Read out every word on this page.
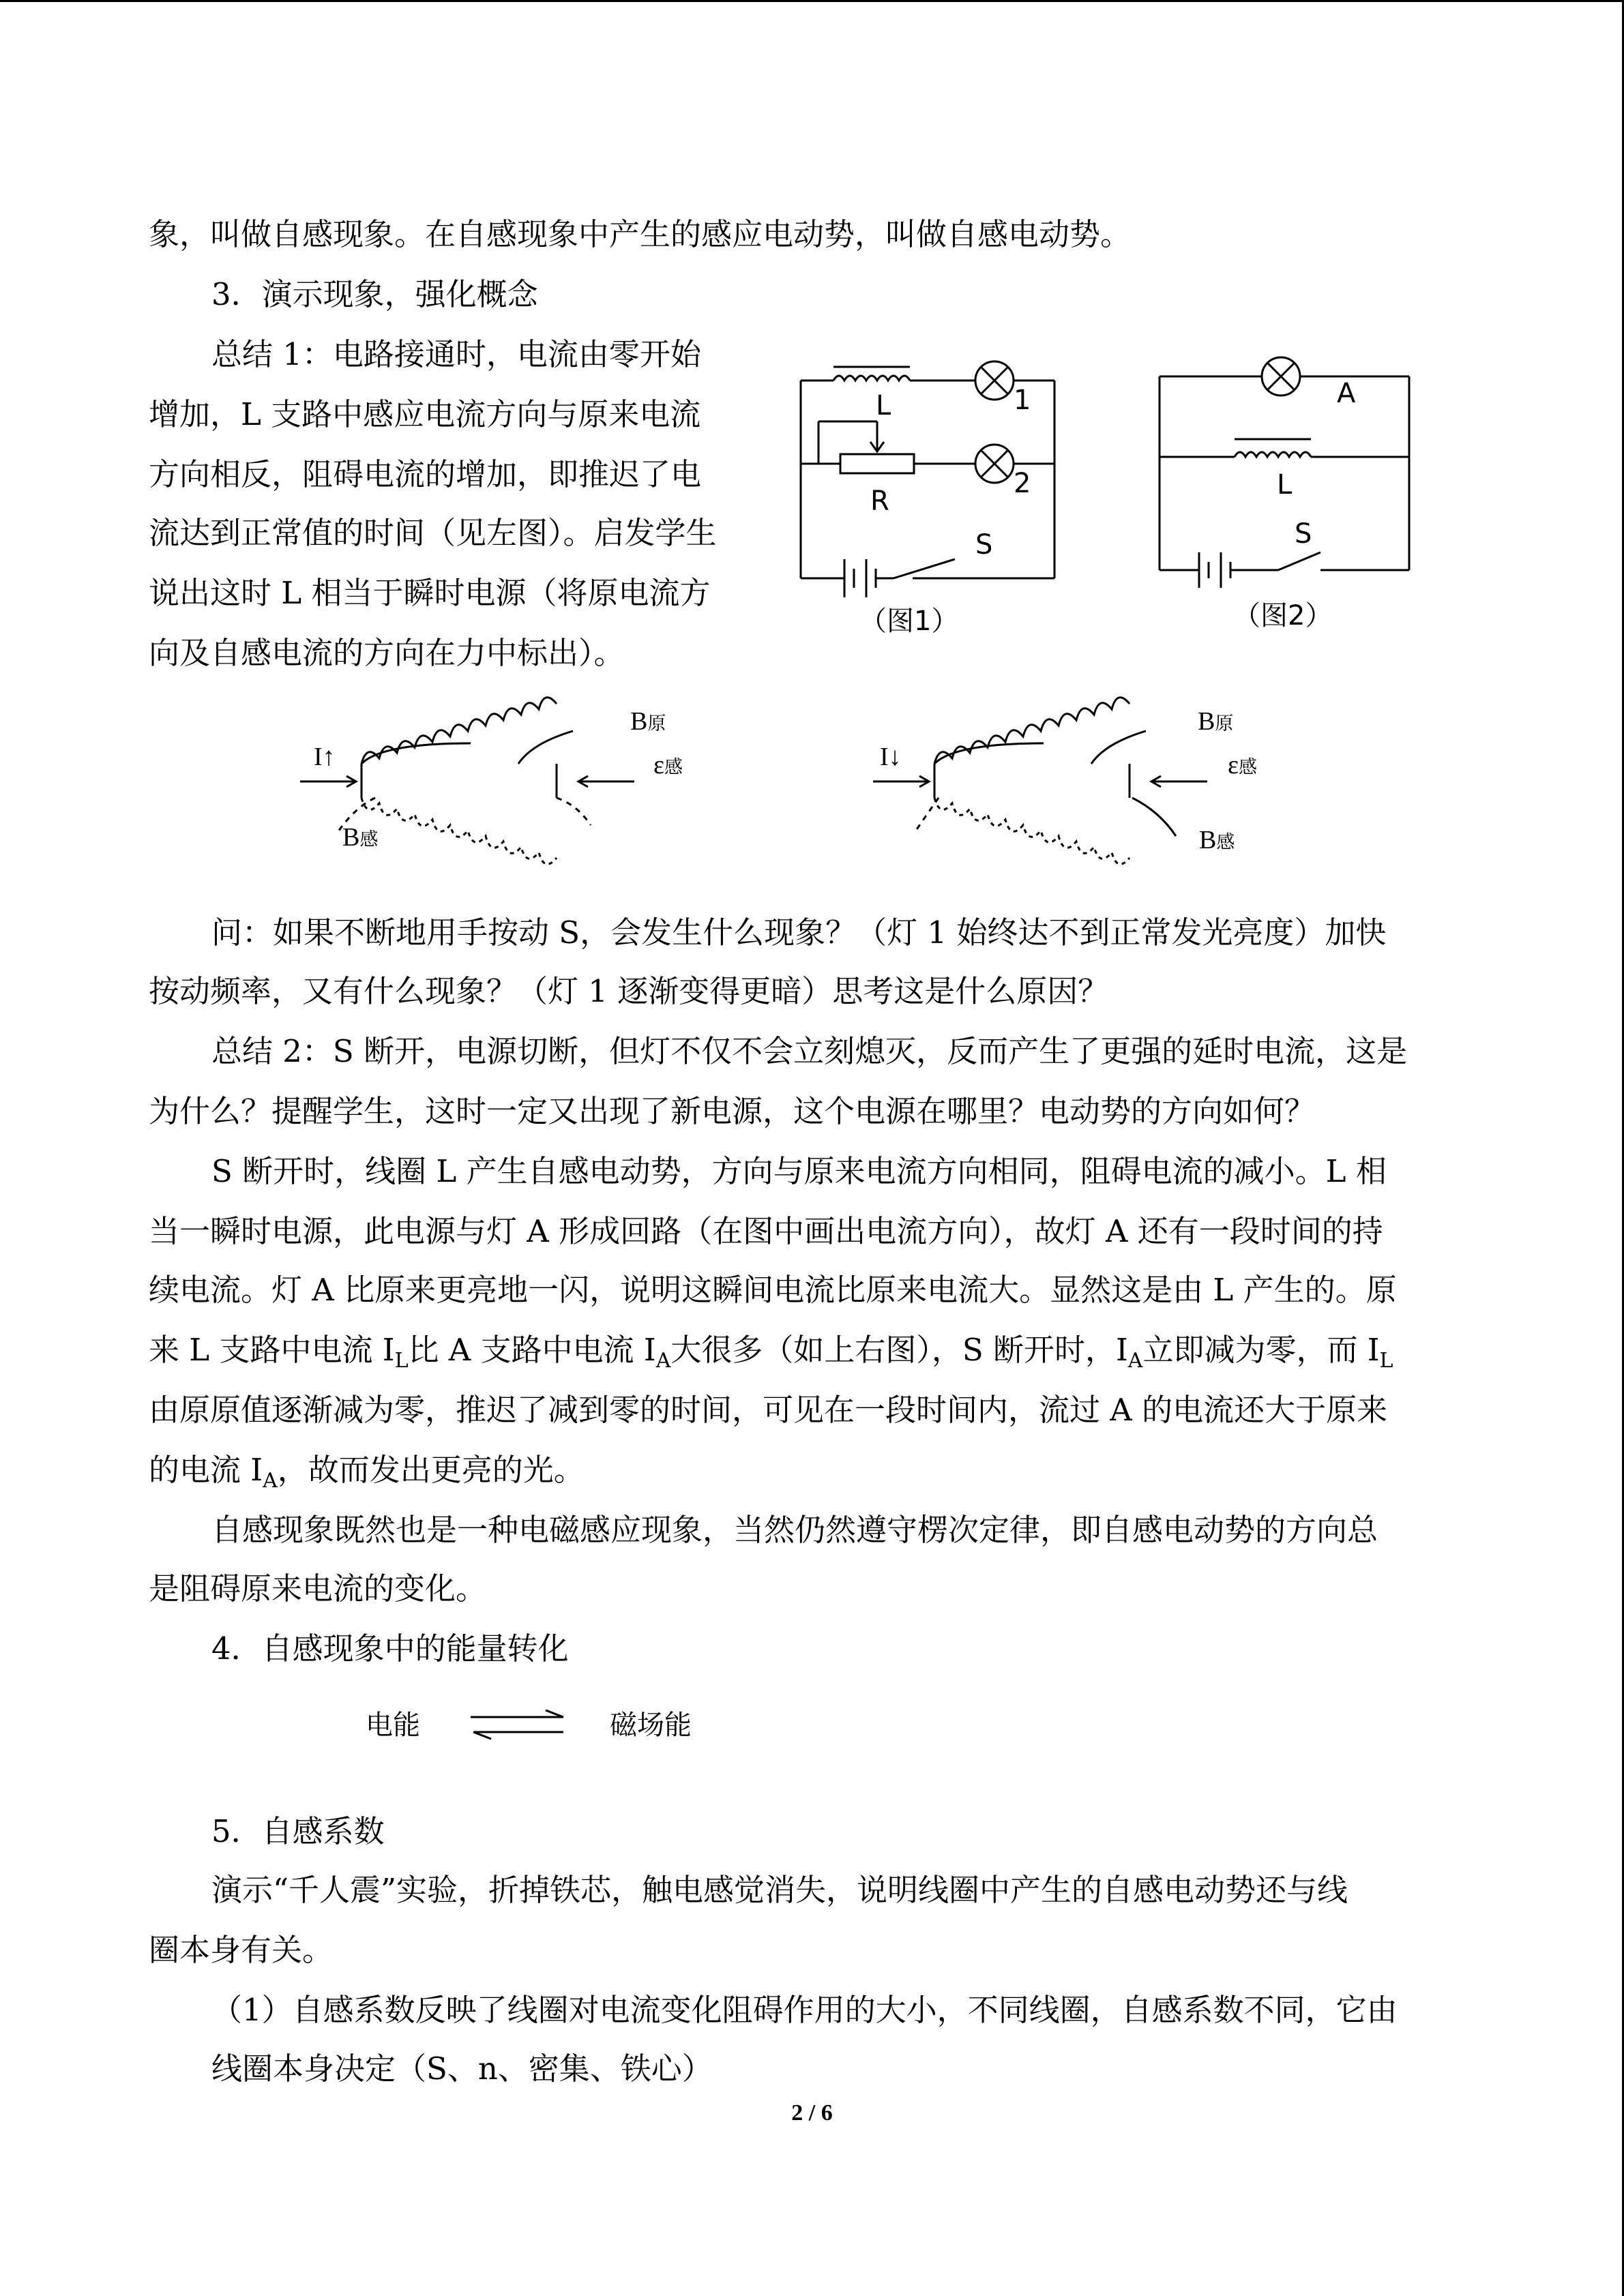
象，叫做自感现象。在自感现象中产生的感应电动势，叫做自感电动势。
3．演示现象，强化概念
总结 1：电路接通时，电流由零开始
增加，L 支路中感应电流方向与原来电流
方向相反，阻碍电流的增加，即推迟了电
流达到正常值的时间（见左图）。启发学生
说出这时 L 相当于瞬时电源（将原电流方
向及自感电流的方向在力中标出）。
L
R
S
1
2
（图1）
A
L
S
（图2）
I↑
B原
ε感
B感
I↓
B原
ε感
B感
问：如果不断地用手按动 S，会发生什么现象？（灯 1 始终达不到正常发光亮度）加快
按动频率，又有什么现象？（灯 1 逐渐变得更暗）思考这是什么原因？
总结 2：S 断开，电源切断，但灯不仅不会立刻熄灭，反而产生了更强的延时电流，这是
为什么？提醒学生，这时一定又出现了新电源，这个电源在哪里？电动势的方向如何？
S 断开时，线圈 L 产生自感电动势，方向与原来电流方向相同，阻碍电流的减小。L 相
当一瞬时电源，此电源与灯 A 形成回路（在图中画出电流方向），故灯 A 还有一段时间的持
续电流。灯 A 比原来更亮地一闪，说明这瞬间电流比原来电流大。显然这是由 L 产生的。原
来 L 支路中电流 $I_L$比 A 支路中电流 $I_A$大很多（如上右图），S 断开时，$I_A$立即减为零，而 $I_L$
由原原值逐渐减为零，推迟了减到零的时间，可见在一段时间内，流过 A 的电流还大于原来
的电流 $I_A$，故而发出更亮的光。
自感现象既然也是一种电磁感应现象，当然仍然遵守楞次定律，即自感电动势的方向总
是阻碍原来电流的变化。
4．自感现象中的能量转化
电能	磁场能
5．自感系数
演示“千人震”实验，折掉铁芯，触电感觉消失，说明线圈中产生的自感电动势还与线
圈本身有关。
（1）自感系数反映了线圈对电流变化阻碍作用的大小，不同线圈，自感系数不同，它由
线圈本身决定（S、n、密集、铁心）
2 / 6
